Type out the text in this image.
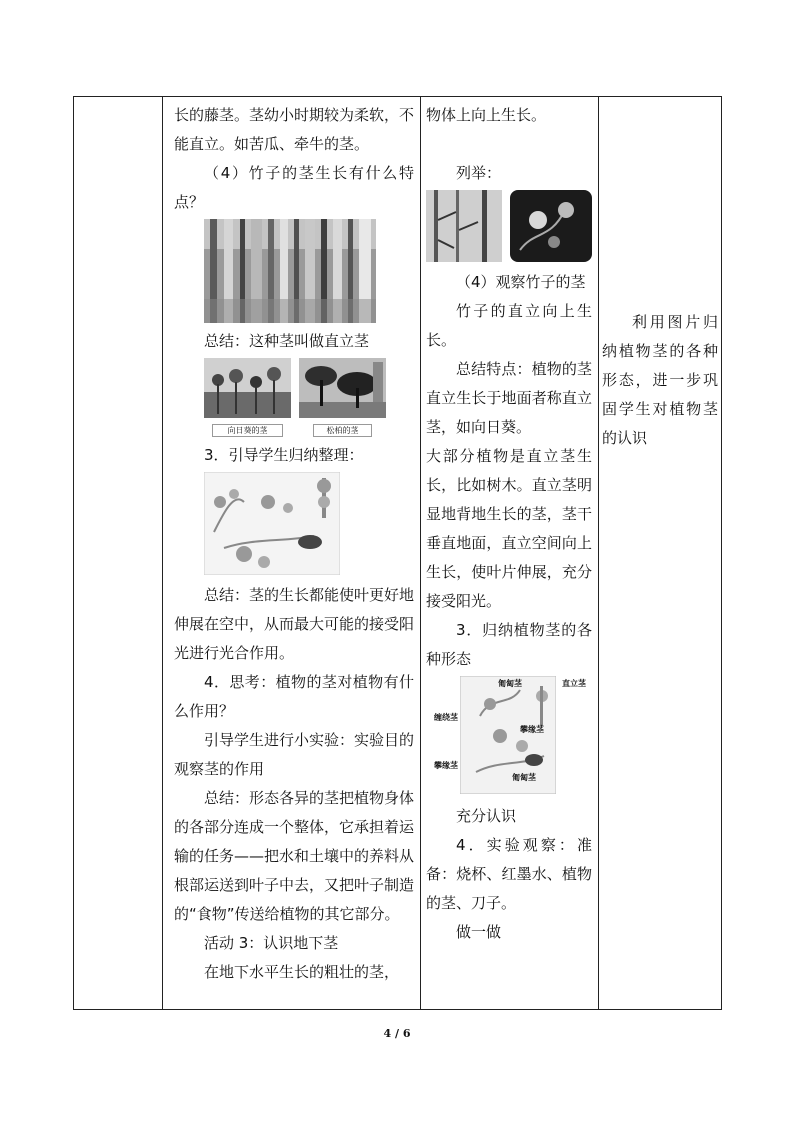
长的藤茎。茎幼小时期较为柔软，不能直立。如苦瓜、牵牛的茎。

（4）竹子的茎生长有什么特点？

总结：这种茎叫做直立茎

向日葵的茎	松柏的茎

3．引导学生归纳整理：

总结：茎的生长都能使叶更好地伸展在空中，从而最大可能的接受阳光进行光合作用。

4．思考：植物的茎对植物有什么作用？

引导学生进行小实验：实验目的观察茎的作用

总结：形态各异的茎把植物身体的各部分连成一个整体，它承担着运输的任务——把水和土壤中的养料从根部运送到叶子中去，又把叶子制造的“食物”传送给植物的其它部分。

活动 3：认识地下茎

在地下水平生长的粗壮的茎，

物体上向上生长。

列举：

（4）观察竹子的茎

竹子的直立向上生长。

总结特点：植物的茎直立生长于地面者称直立茎，如向日葵。

大部分植物是直立茎生长，比如树木。直立茎明显地背地生长的茎，茎干垂直地面，直立空间向上生长，使叶片伸展，充分接受阳光。

3．归纳植物茎的各种形态

匍匐茎	直立茎
缠绕茎
攀缘茎
攀缘茎
匍匐茎

充分认识

4．实验观察：准备：烧杯、红墨水、植物的茎、刀子。

做一做

利用图片归纳植物茎的各种形态，进一步巩固学生对植物茎的认识

4 / 6
